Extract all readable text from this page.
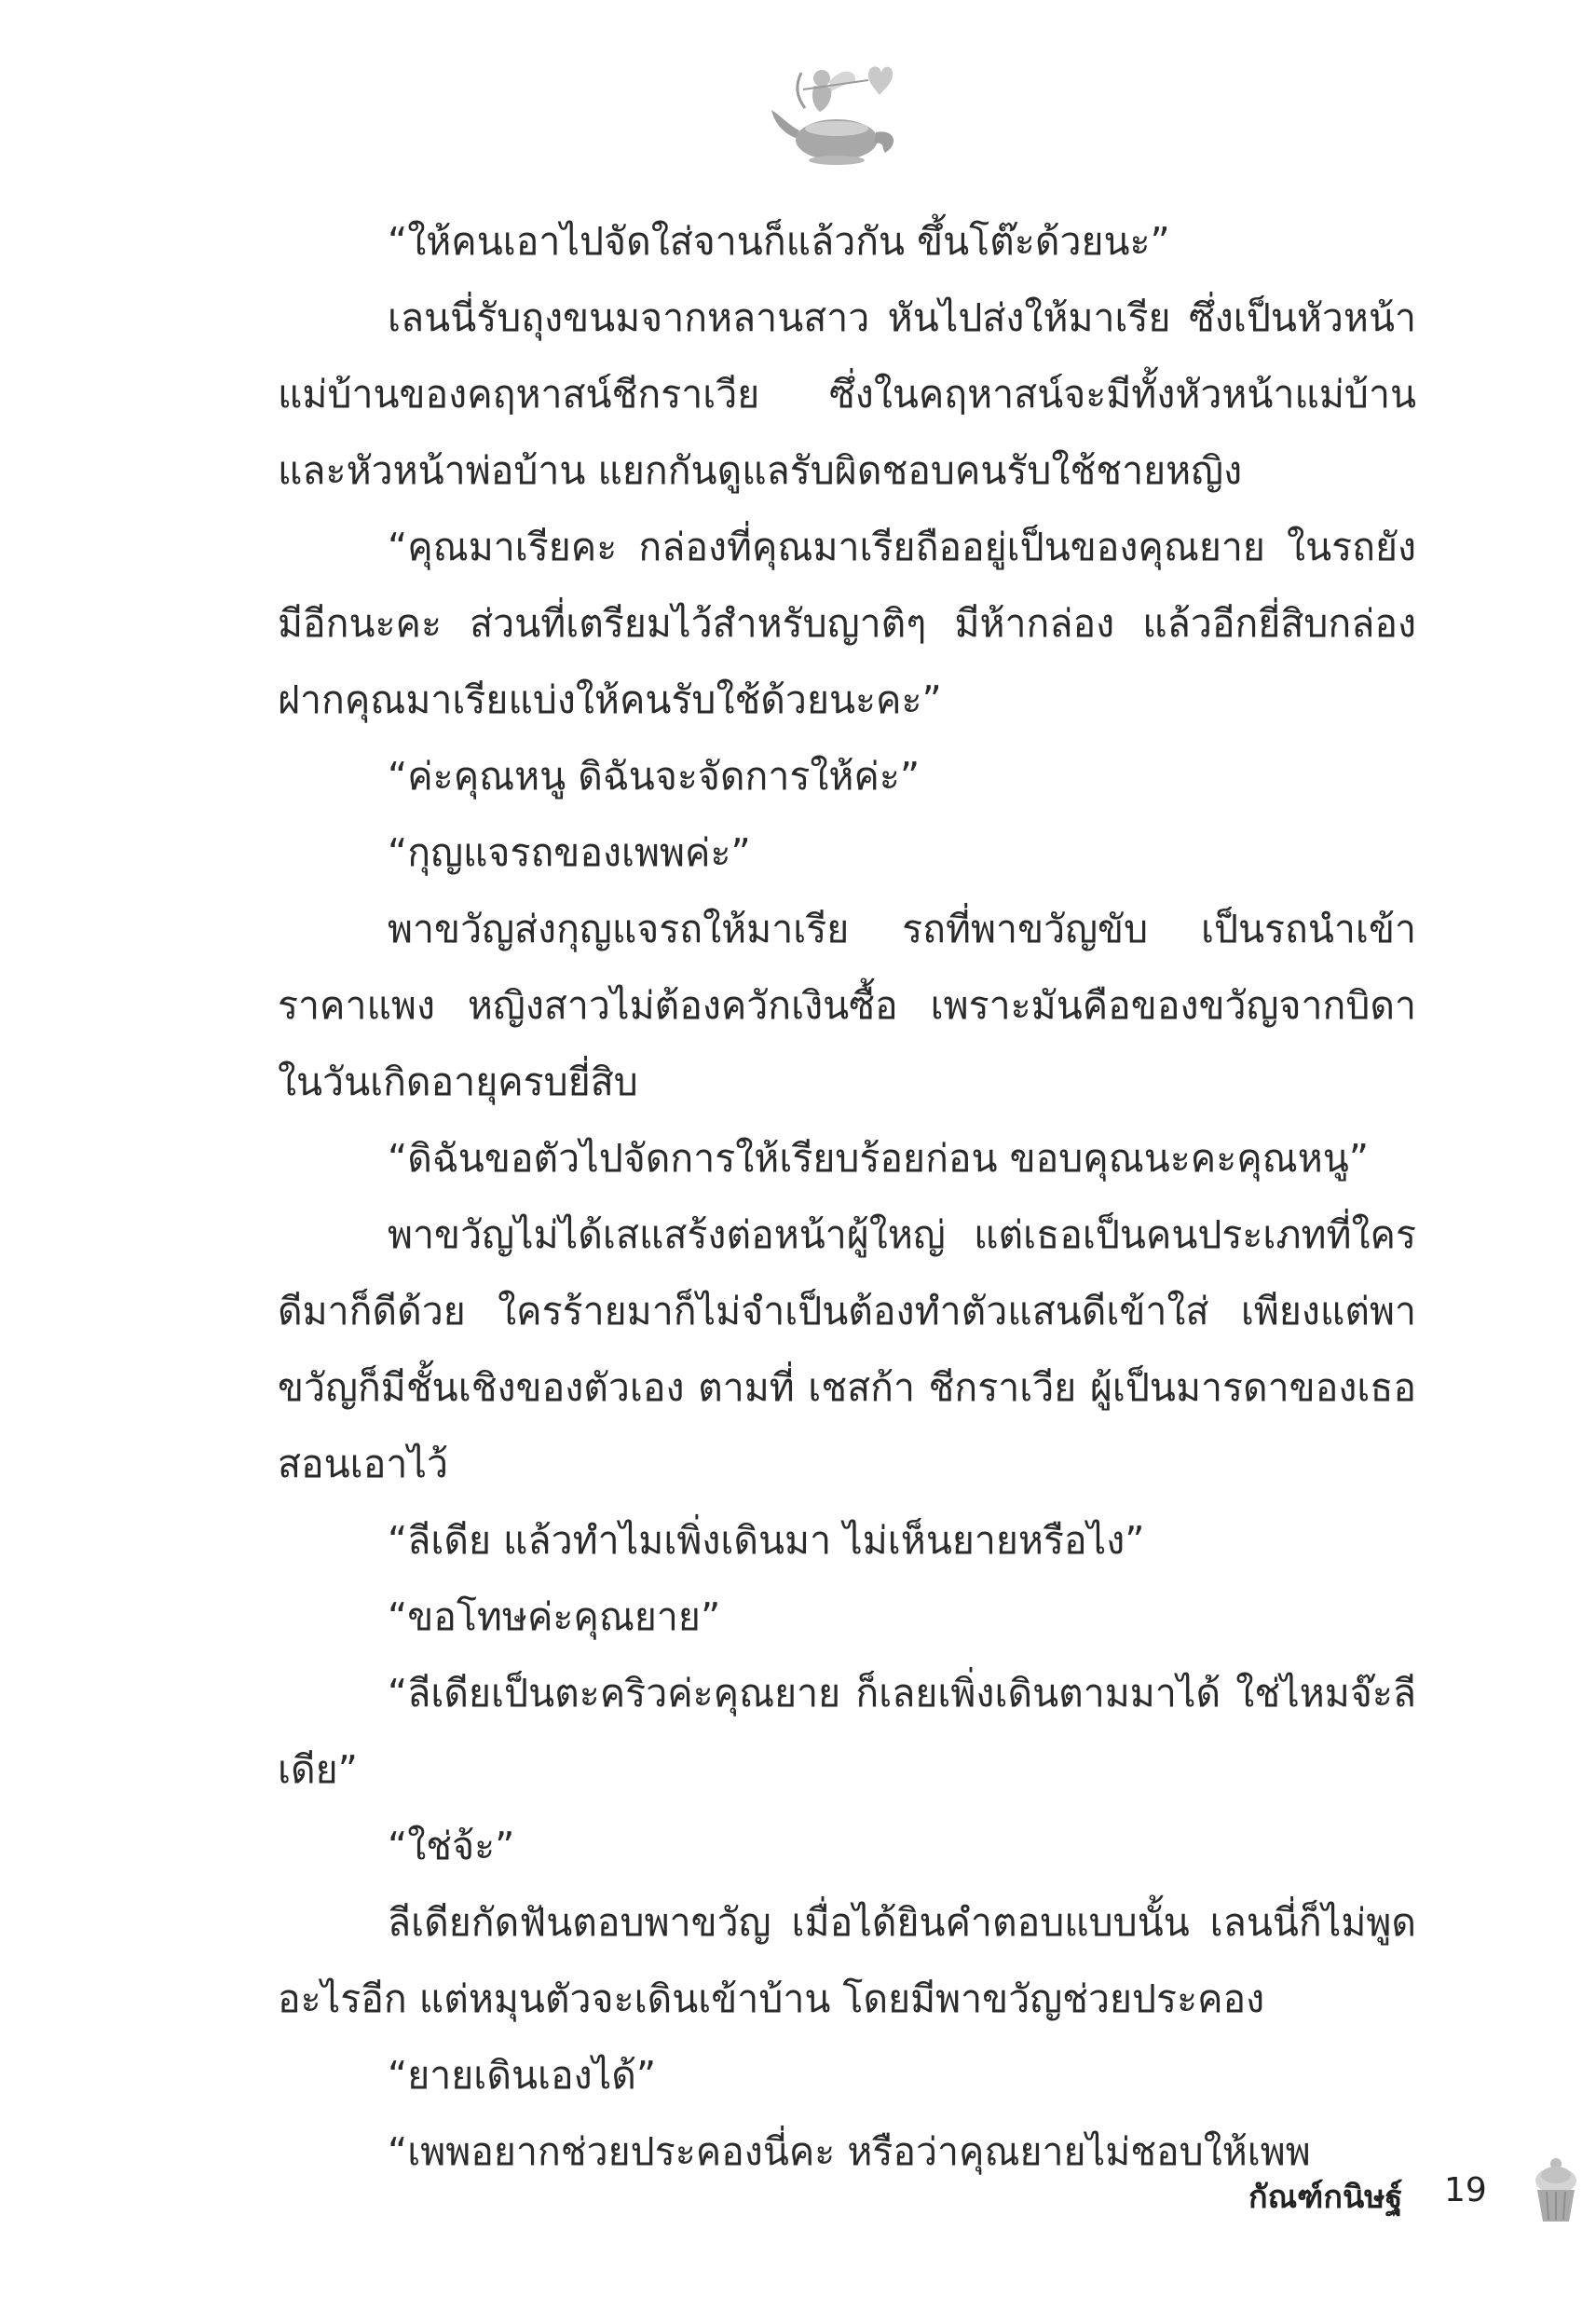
“ให้คนเอาไปจัดใส่จานก็แล้วกัน ขึ้นโต๊ะด้วยนะ”

เลนนี่รับถุงขนมจากหลานสาว หันไปส่งให้มาเรีย ซึ่งเป็นหัวหน้าแม่บ้านของคฤหาสน์ชีกราเวีย ซึ่งในคฤหาสน์จะมีทั้งหัวหน้าแม่บ้านและหัวหน้าพ่อบ้าน แยกกันดูแลรับผิดชอบคนรับใช้ชายหญิง

“คุณมาเรียคะ กล่องที่คุณมาเรียถืออยู่เป็นของคุณยาย ในรถยังมีอีกนะคะ ส่วนที่เตรียมไว้สำหรับญาติๆ มีห้ากล่อง แล้วอีกยี่สิบกล่องฝากคุณมาเรียแบ่งให้คนรับใช้ด้วยนะคะ”

“ค่ะคุณหนู ดิฉันจะจัดการให้ค่ะ”

“กุญแจรถของเพพค่ะ”

พาขวัญส่งกุญแจรถให้มาเรีย รถที่พาขวัญขับ เป็นรถนำเข้าราคาแพง หญิงสาวไม่ต้องควักเงินซื้อ เพราะมันคือของขวัญจากบิดาในวันเกิดอายุครบยี่สิบ

“ดิฉันขอตัวไปจัดการให้เรียบร้อยก่อน ขอบคุณนะคะคุณหนู”

พาขวัญไม่ได้เสแสร้งต่อหน้าผู้ใหญ่ แต่เธอเป็นคนประเภทที่ใครดีมาก็ดีด้วย ใครร้ายมาก็ไม่จำเป็นต้องทำตัวแสนดีเข้าใส่ เพียงแต่พาขวัญก็มีชั้นเชิงของตัวเอง ตามที่ เชสก้า ชีกราเวีย ผู้เป็นมารดาของเธอสอนเอาไว้

“ลีเดีย แล้วทำไมเพิ่งเดินมา ไม่เห็นยายหรือไง”

“ขอโทษค่ะคุณยาย”

“ลีเดียเป็นตะคริวค่ะคุณยาย ก็เลยเพิ่งเดินตามมาได้ ใช่ไหมจ๊ะลีเดีย”

“ใช่จ้ะ”

ลีเดียกัดฟันตอบพาขวัญ เมื่อได้ยินคำตอบแบบนั้น เลนนี่ก็ไม่พูดอะไรอีก แต่หมุนตัวจะเดินเข้าบ้าน โดยมีพาขวัญช่วยประคอง

“ยายเดินเองได้”

“เพพอยากช่วยประคองนี่คะ หรือว่าคุณยายไม่ชอบให้เพพ

กัณฑ์กนิษฐ์ 19
